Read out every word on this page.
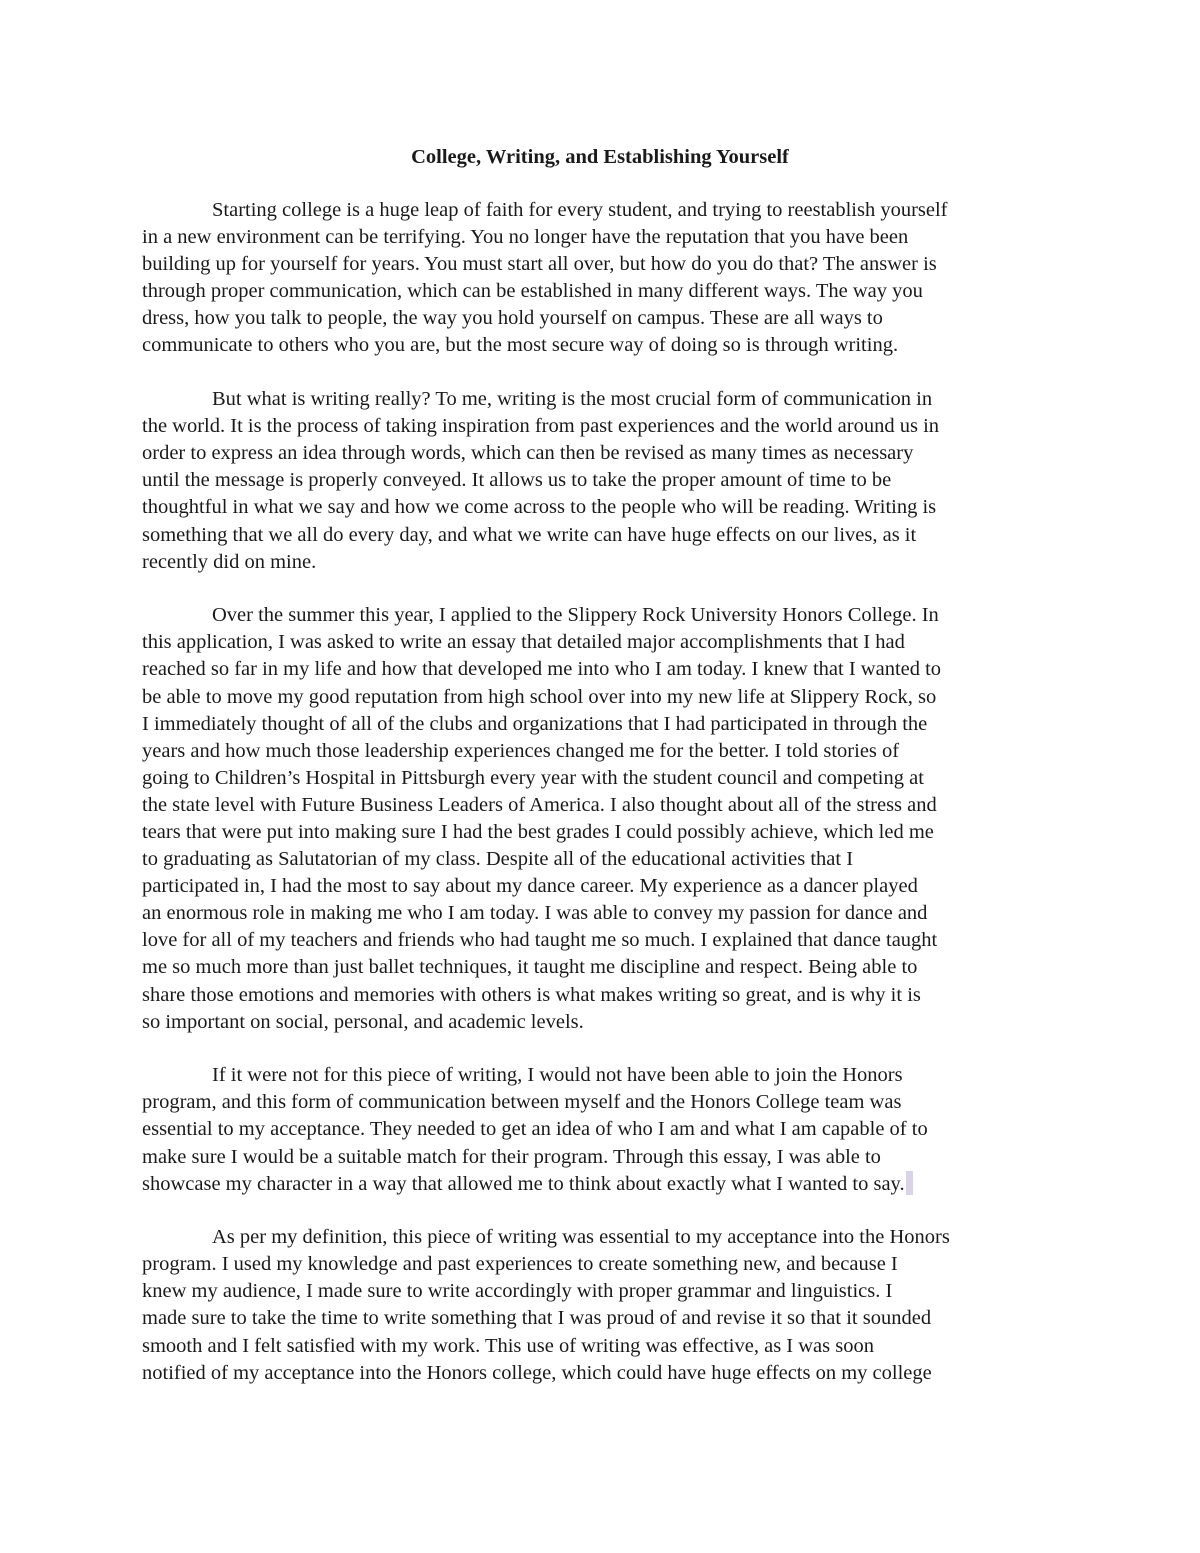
College, Writing, and Establishing Yourself

Starting college is a huge leap of faith for every student, and trying to reestablish yourself
in a new environment can be terrifying. You no longer have the reputation that you have been
building up for yourself for years. You must start all over, but how do you do that? The answer is
through proper communication, which can be established in many different ways. The way you
dress, how you talk to people, the way you hold yourself on campus. These are all ways to
communicate to others who you are, but the most secure way of doing so is through writing.

But what is writing really? To me, writing is the most crucial form of communication in
the world. It is the process of taking inspiration from past experiences and the world around us in
order to express an idea through words, which can then be revised as many times as necessary
until the message is properly conveyed. It allows us to take the proper amount of time to be
thoughtful in what we say and how we come across to the people who will be reading. Writing is
something that we all do every day, and what we write can have huge effects on our lives, as it
recently did on mine.

Over the summer this year, I applied to the Slippery Rock University Honors College. In
this application, I was asked to write an essay that detailed major accomplishments that I had
reached so far in my life and how that developed me into who I am today. I knew that I wanted to
be able to move my good reputation from high school over into my new life at Slippery Rock, so
I immediately thought of all of the clubs and organizations that I had participated in through the
years and how much those leadership experiences changed me for the better. I told stories of
going to Children’s Hospital in Pittsburgh every year with the student council and competing at
the state level with Future Business Leaders of America. I also thought about all of the stress and
tears that were put into making sure I had the best grades I could possibly achieve, which led me
to graduating as Salutatorian of my class. Despite all of the educational activities that I
participated in, I had the most to say about my dance career. My experience as a dancer played
an enormous role in making me who I am today. I was able to convey my passion for dance and
love for all of my teachers and friends who had taught me so much. I explained that dance taught
me so much more than just ballet techniques, it taught me discipline and respect. Being able to
share those emotions and memories with others is what makes writing so great, and is why it is
so important on social, personal, and academic levels.

If it were not for this piece of writing, I would not have been able to join the Honors
program, and this form of communication between myself and the Honors College team was
essential to my acceptance. They needed to get an idea of who I am and what I am capable of to
make sure I would be a suitable match for their program. Through this essay, I was able to
showcase my character in a way that allowed me to think about exactly what I wanted to say.

As per my definition, this piece of writing was essential to my acceptance into the Honors
program. I used my knowledge and past experiences to create something new, and because I
knew my audience, I made sure to write accordingly with proper grammar and linguistics. I
made sure to take the time to write something that I was proud of and revise it so that it sounded
smooth and I felt satisfied with my work. This use of writing was effective, as I was soon
notified of my acceptance into the Honors college, which could have huge effects on my college
